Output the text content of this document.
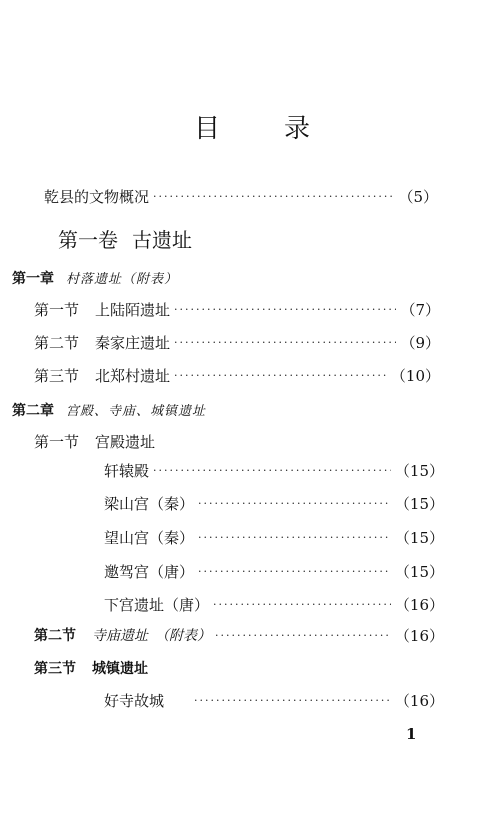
目 录
乾县的文物概况 ·····	（5）
第一卷 古遗址
第一章 村落遗址（附表）
第一节 上陆陌遗址 ·····	（7）
第二节 秦家庄遗址 ·····	（9）
第三节 北郑村遗址 ·····	（10）
第二章 宫殿、寺庙、城镇遗址
第一节 宫殿遗址
轩辕殿 ·····	（15）
梁山宫（秦） ·····	（15）
望山宫（秦） ·····	（15）
邀驾宫（唐） ·····	（15）
下宫遗址（唐） ·····	（16）
第二节 寺庙遗址　（附表） ·····	（16）
第三节 城镇遗址
好寺故城 ·····	（16）
1
